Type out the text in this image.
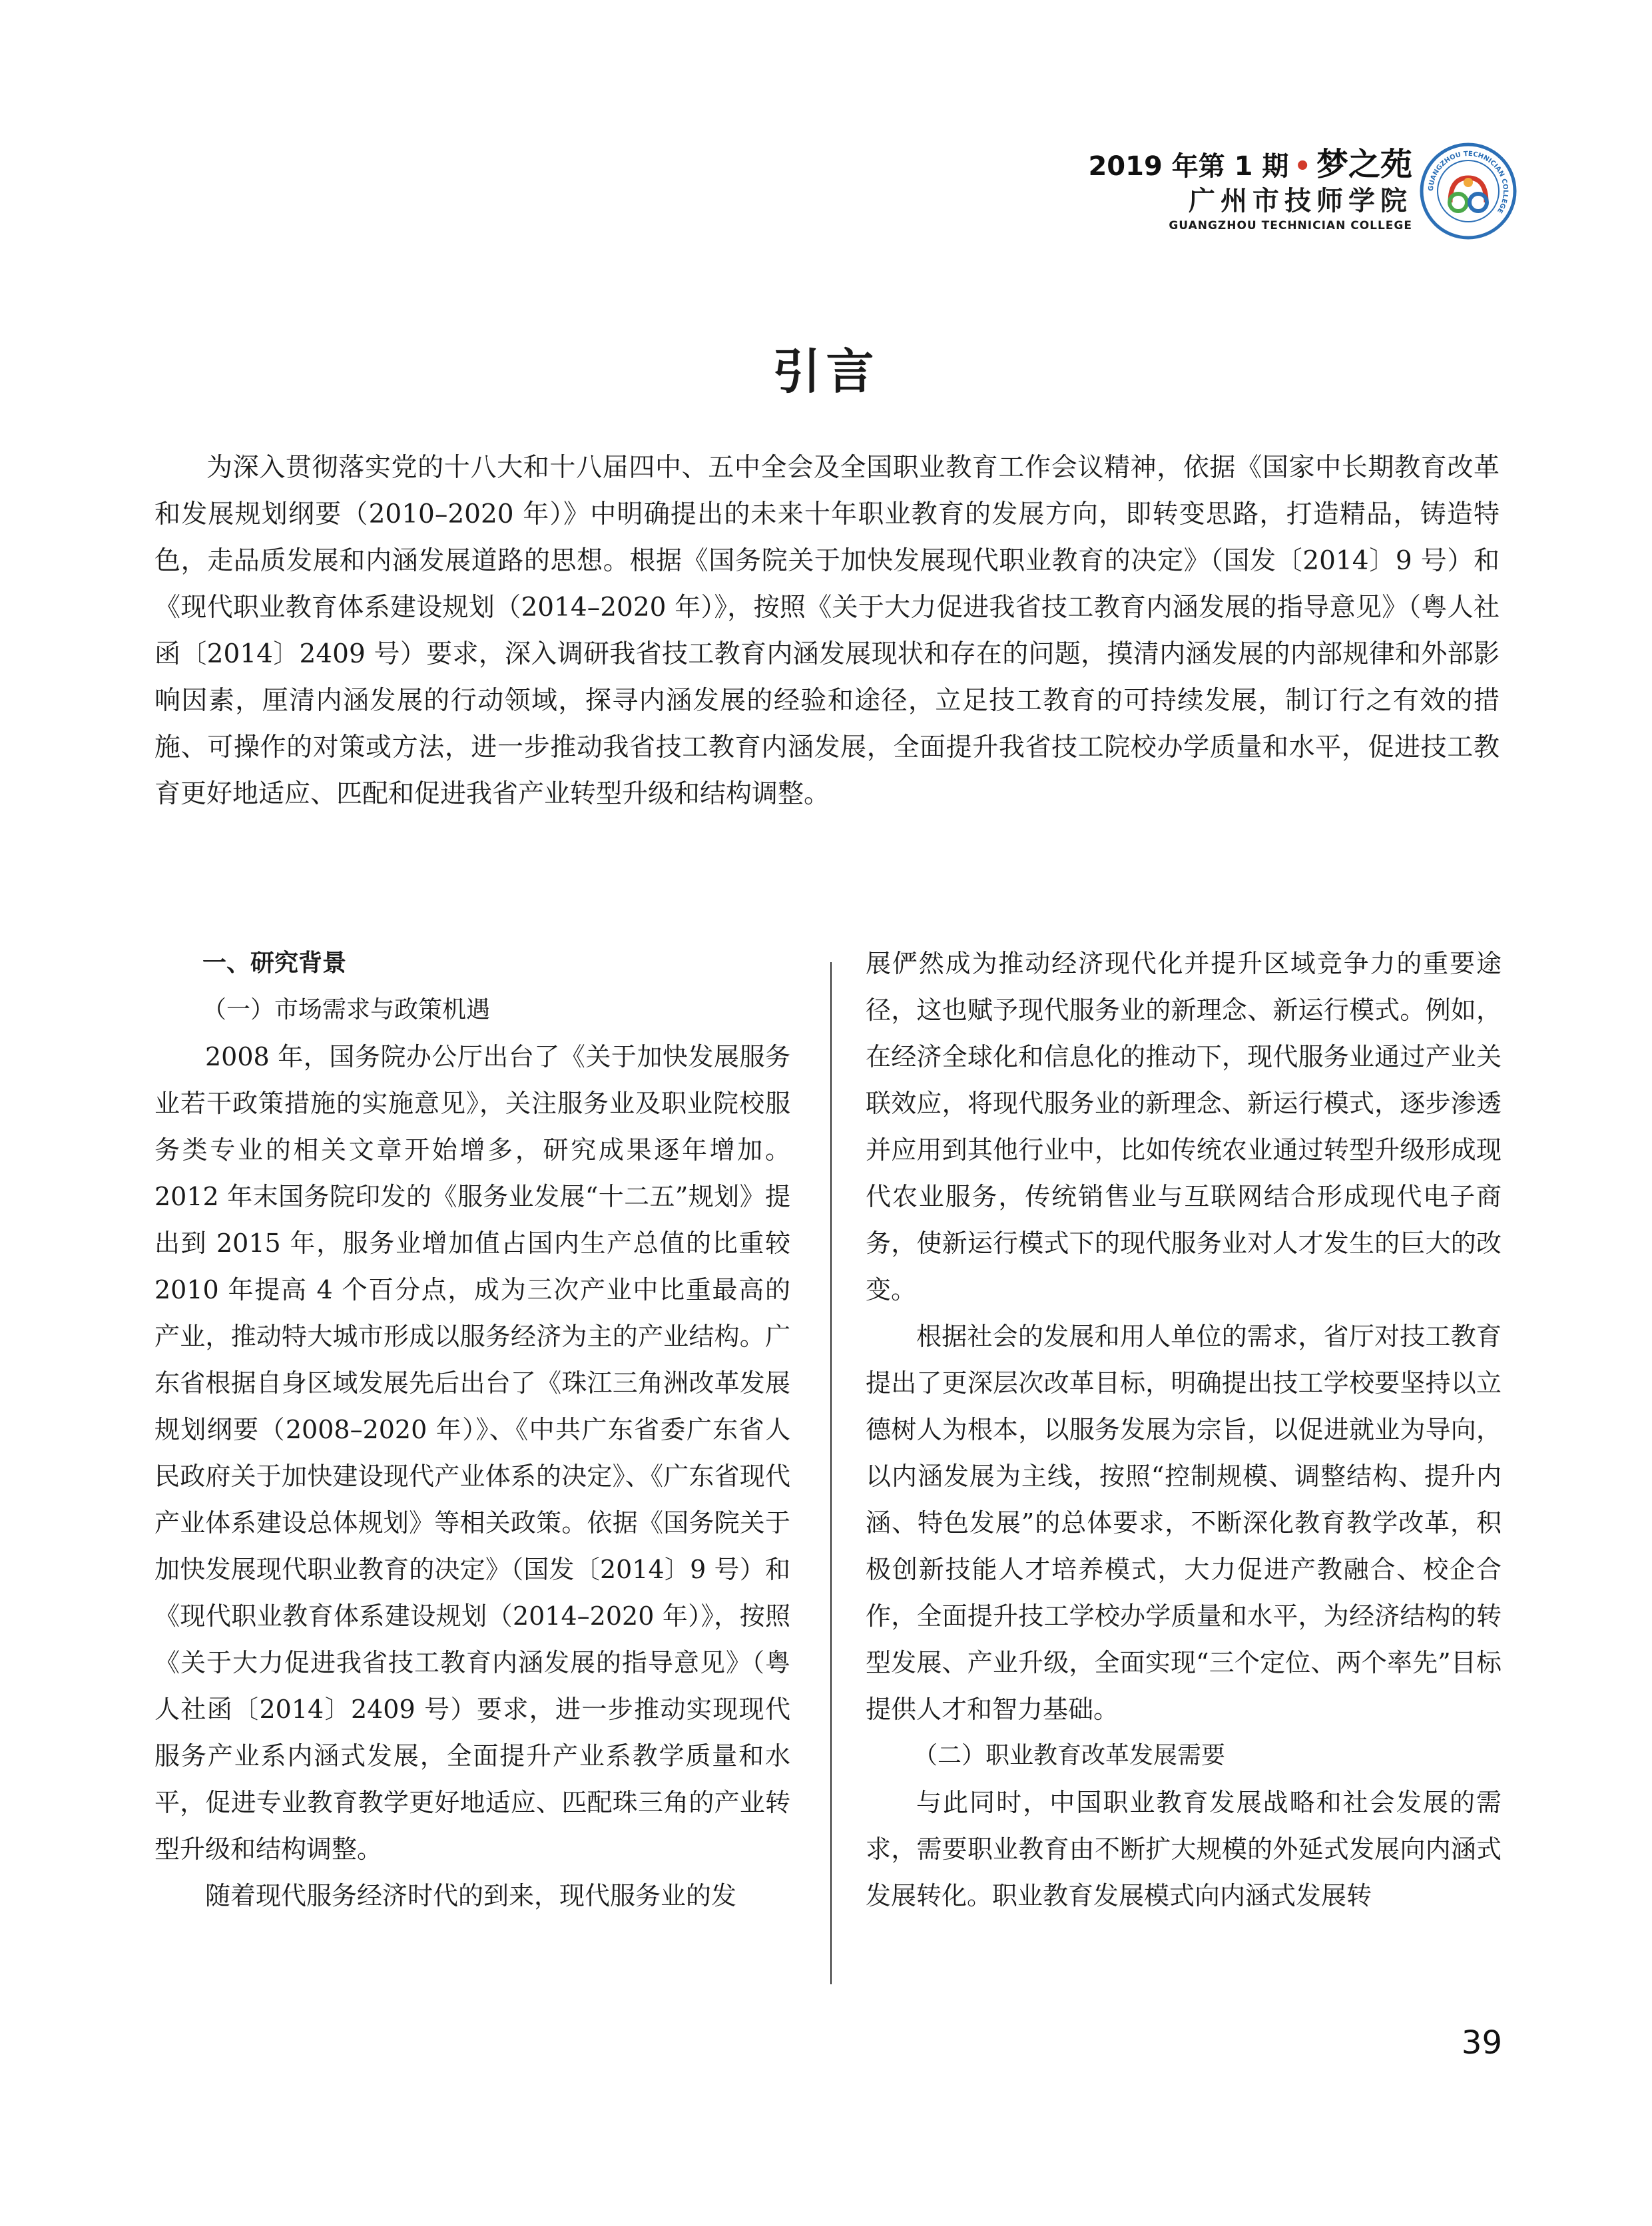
2019 年第 1 期 • 梦之苑
广州市技师学院
GUANGZHOU TECHNICIAN COLLEGE
GUANGZHOU TECHNICIAN COLLEGE
引言

为深入贯彻落实党的十八大和十八届四中、五中全会及全国职业教育工作会议精神，依据《国家中长期教育改革和发展规划纲要（2010–2020 年）》中明确提出的未来十年职业教育的发展方向，即转变思路，打造精品，铸造特色，走品质发展和内涵发展道路的思想。根据《国务院关于加快发展现代职业教育的决定》（国发〔2014〕9 号）和《现代职业教育体系建设规划（2014–2020 年）》，按照《关于大力促进我省技工教育内涵发展的指导意见》（粤人社函〔2014〕2409 号）要求，深入调研我省技工教育内涵发展现状和存在的问题，摸清内涵发展的内部规律和外部影响因素，厘清内涵发展的行动领域，探寻内涵发展的经验和途径，立足技工教育的可持续发展，制订行之有效的措施、可操作的对策或方法，进一步推动我省技工教育内涵发展，全面提升我省技工院校办学质量和水平，促进技工教育更好地适应、匹配和促进我省产业转型升级和结构调整。

一、研究背景
（一）市场需求与政策机遇

2008 年，国务院办公厅出台了《关于加快发展服务业若干政策措施的实施意见》，关注服务业及职业院校服务类专业的相关文章开始增多，研究成果逐年增加。2012 年末国务院印发的《服务业发展“十二五”规划》提出到 2015 年，服务业增加值占国内生产总值的比重较 2010 年提高 4 个百分点，成为三次产业中比重最高的产业，推动特大城市形成以服务经济为主的产业结构。广东省根据自身区域发展先后出台了《珠江三角洲改革发展规划纲要（2008–2020 年）》、《中共广东省委广东省人民政府关于加快建设现代产业体系的决定》、《广东省现代产业体系建设总体规划》等相关政策。依据《国务院关于加快发展现代职业教育的决定》（国发〔2014〕9 号）和《现代职业教育体系建设规划（2014–2020 年）》，按照《关于大力促进我省技工教育内涵发展的指导意见》（粤人社函〔2014〕2409 号）要求，进一步推动实现现代服务产业系内涵式发展，全面提升产业系教学质量和水平，促进专业教育教学更好地适应、匹配珠三角的产业转型升级和结构调整。

随着现代服务经济时代的到来，现代服务业的发

展俨然成为推动经济现代化并提升区域竞争力的重要途径，这也赋予现代服务业的新理念、新运行模式。例如，在经济全球化和信息化的推动下，现代服务业通过产业关联效应，将现代服务业的新理念、新运行模式，逐步渗透并应用到其他行业中，比如传统农业通过转型升级形成现代农业服务，传统销售业与互联网结合形成现代电子商务，使新运行模式下的现代服务业对人才发生的巨大的改变。

根据社会的发展和用人单位的需求，省厅对技工教育提出了更深层次改革目标，明确提出技工学校要坚持以立德树人为根本，以服务发展为宗旨，以促进就业为导向，以内涵发展为主线，按照“控制规模、调整结构、提升内涵、特色发展”的总体要求，不断深化教育教学改革，积极创新技能人才培养模式，大力促进产教融合、校企合作，全面提升技工学校办学质量和水平，为经济结构的转型发展、产业升级，全面实现“三个定位、两个率先”目标提供人才和智力基础。

（二）职业教育改革发展需要

与此同时，中国职业教育发展战略和社会发展的需求，需要职业教育由不断扩大规模的外延式发展向内涵式发展转化。职业教育发展模式向内涵式发展转

39
